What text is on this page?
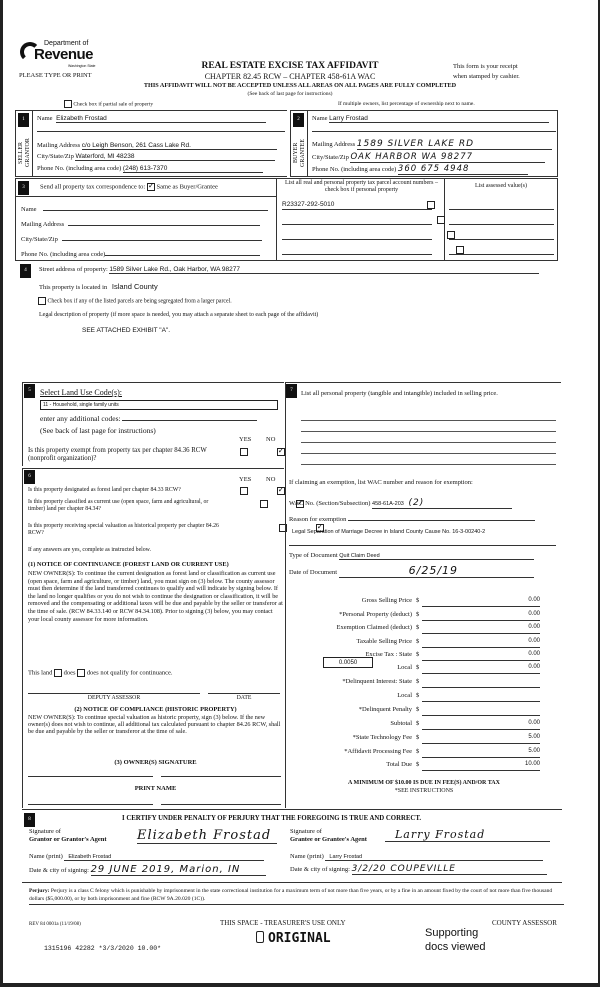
Department of
Revenue
Washington State
PLEASE TYPE OR PRINT
REAL ESTATE EXCISE TAX AFFIDAVIT
CHAPTER 82.45 RCW – CHAPTER 458-61A WAC
This form is your receipt
when stamped by cashier.
THIS AFFIDAVIT WILL NOT BE ACCEPTED UNLESS ALL AREAS ON ALL PAGES ARE FULLY COMPLETED
(See back of last page for instructions)
Check box if partial sale of property	If multiple owners, list percentage of ownership next to name.
1
SELLER GRANTOR
Name Elizabeth Frostad
Mailing Address c/o Leigh Benson, 261 Cass Lake Rd.
City/State/Zip Waterford, MI 48238
Phone No. (including area code) (248) 613-7370
2
BUYER GRANTEE
Name Larry Frostad
Mailing Address 1589 SILVER LAKE RD
City/State/Zip OAK HARBOR WA 98277
Phone No. (including area code) 360 675 4948
3	Send all property tax correspondence to: ✓ Same as Buyer/Grantee
Name
Mailing Address
City/State/Zip
Phone No. (including area code)
List all real and personal property tax parcel account numbers – check box if personal property
List assessed value(s)
R23327-292-5010

4	Street address of property: 1589 Silver Lake Rd., Oak Harbor, WA 98277
This property is located in Island County
Check box if any of the listed parcels are being segregated from a larger parcel.
Legal description of property (if more space is needed, you may attach a separate sheet to each page of the affidavit)
SEE ATTACHED EXHIBIT "A".
5	Select Land Use Code(s):
11 - Household, single family units
enter any additional codes:
(See back of last page for instructions)
YES NO
Is this property exempt from property tax per chapter 84.36 RCW (nonprofit organization)?
✓
6	YES NO
Is this property designated as forest land per chapter 84.33 RCW?
✓
Is this property classified as current use (open space, farm and agricultural, or timber) land per chapter 84.34?
✓
Is this property receiving special valuation as historical property per chapter 84.26 RCW?
✓
If any answers are yes, complete as instructed below.
(1) NOTICE OF CONTINUANCE (FOREST LAND OR CURRENT USE)
NEW OWNER(S): To continue the current designation as forest land or classification as current use (open space, farm and agriculture, or timber) land, you must sign on (3) below. The county assessor must then determine if the land transferred continues to qualify and will indicate by signing below. If the land no longer qualifies or you do not wish to continue the designation or classification, it will be removed and the compensating or additional taxes will be due and payable by the seller or transferor at the time of sale. (RCW 84.33.140 or RCW 84.34.108). Prior to signing (3) below, you may contact your local county assessor for more information.
This land does does not qualify for continuance.
DEPUTY ASSESSOR	DATE
(2) NOTICE OF COMPLIANCE (HISTORIC PROPERTY)
NEW OWNER(S): To continue special valuation as historic property, sign (3) below. If the new owner(s) does not wish to continue, all additional tax calculated pursuant to chapter 84.26 RCW, shall be due and payable by the seller or transferor at the time of sale.
(3) OWNER(S) SIGNATURE
PRINT NAME
7	List all personal property (tangible and intangible) included in selling price.
If claiming an exemption, list WAC number and reason for exemption:
WAC No. (Section/Subsection) 458-61A-203 (2)
Reason for exemption
Legal Separation of Marriage Decree in Island County Cause No. 16-3-00240-2
Type of Document Quit Claim Deed
Date of Document	6/25/19
0.0050
A MINIMUM OF $10.00 IS DUE IN FEE(S) AND/OR TAX
*SEE INSTRUCTIONS
Gross Selling Price $	0.00
*Personal Property (deduct) $	0.00
Exemption Claimed (deduct) $	0.00
Taxable Selling Price $	0.00
Excise Tax : State $	0.00
Local $	0.00
*Delinquent Interest: State $
Local $
*Delinquent Penalty $
Subtotal $	0.00
*State Technology Fee $	5.00
*Affidavit Processing Fee $	5.00
Total Due $	10.00
8	I CERTIFY UNDER PENALTY OF PERJURY THAT THE FOREGOING IS TRUE AND CORRECT.
Signature of
Grantor or Grantor's Agent Elizabeth Frostad
Name (print) Elizabeth Frostad
Date & city of signing: 29 JUNE 2019, Marion, IN
Signature of
Grantee or Grantee's Agent	Larry Frostad
Name (print) Larry Frostad
Date & city of signing: 3/2/20 COUPEVILLE
Perjury: Perjury is a class C felony which is punishable by imprisonment in the state correctional institution for a maximum term of not more than five years, or by a fine in an amount fixed by the court of not more than five thousand dollars ($5,000.00), or by both imprisonment and fine (RCW 9A.20.020 (1C)).
REV 84 0001a (11/19/08)	THIS SPACE - TREASURER'S USE ONLY	COUNTY ASSESSOR
1315196 42282 *3/3/2020 10.00*
ORIGINAL	Supporting
docs viewed
